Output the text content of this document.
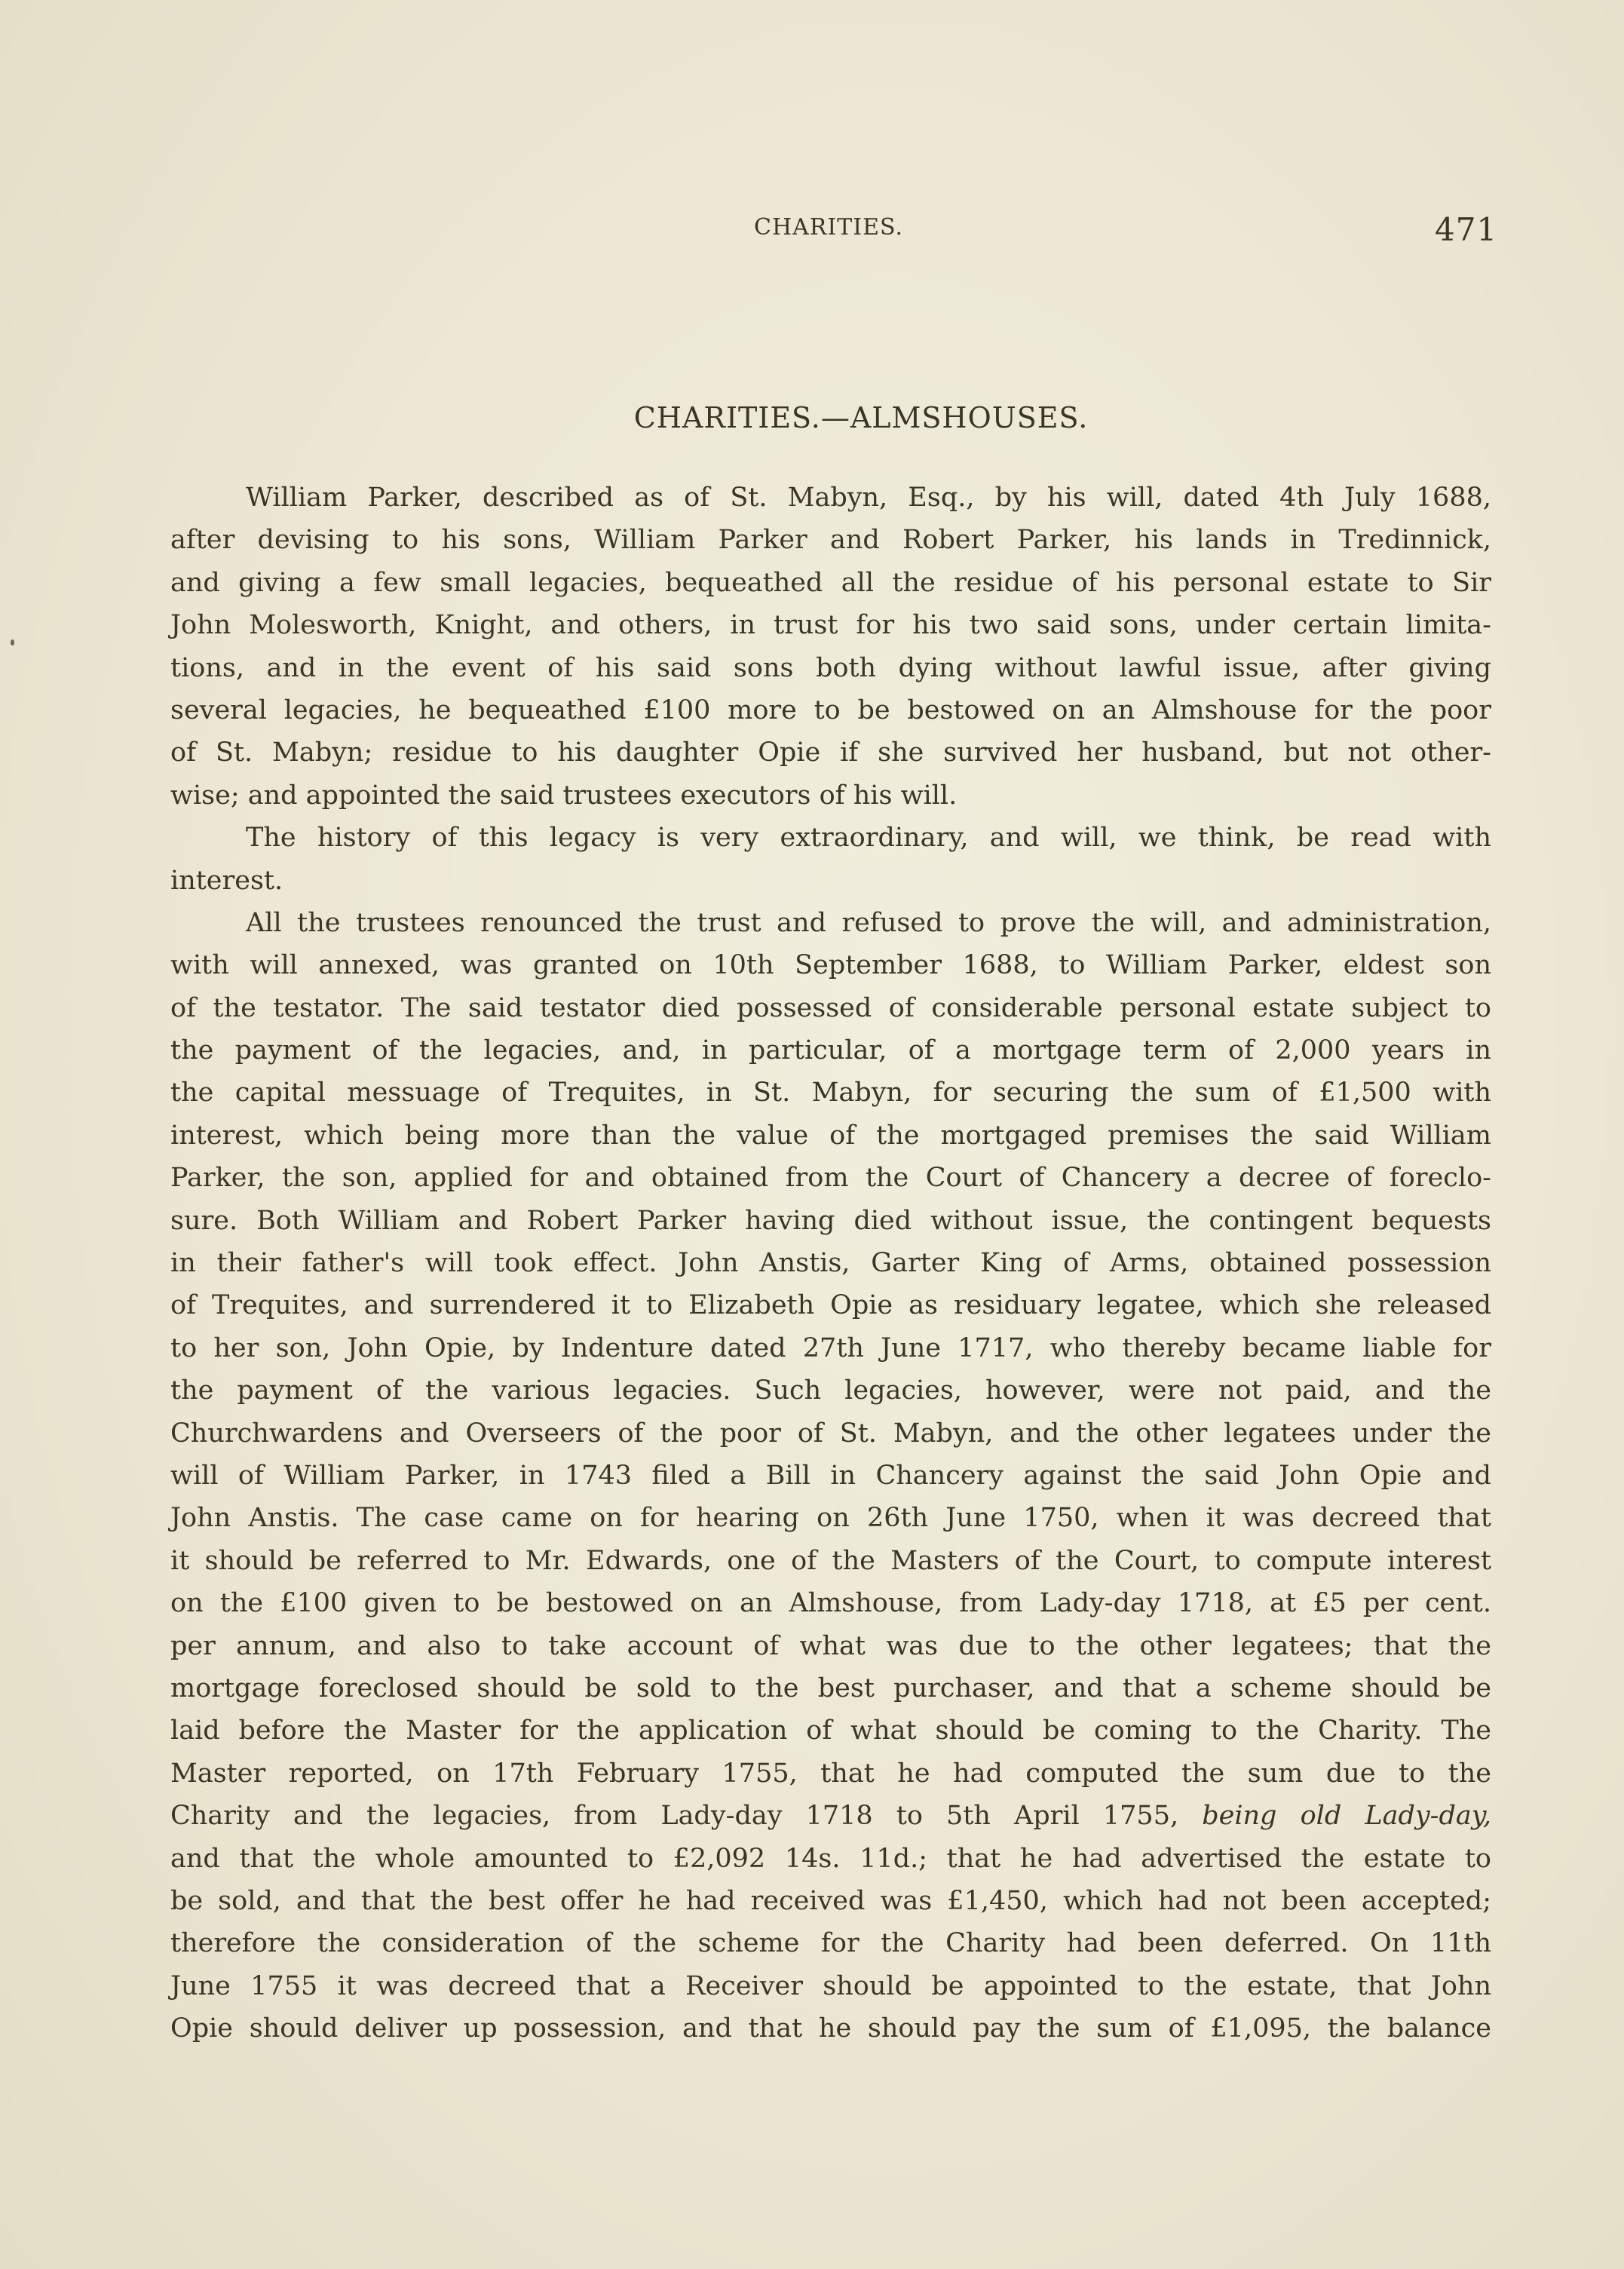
CHARITIES.	471
CHARITIES.—ALMSHOUSES.
William Parker, described as of St. Mabyn, Esq., by his will, dated 4th July 1688,
after devising to his sons, William Parker and Robert Parker, his lands in Tredinnick,
and giving a few small legacies, bequeathed all the residue of his personal estate to Sir
John Molesworth, Knight, and others, in trust for his two said sons, under certain limita-
tions, and in the event of his said sons both dying without lawful issue, after giving
several legacies, he bequeathed £100 more to be bestowed on an Almshouse for the poor
of St. Mabyn; residue to his daughter Opie if she survived her husband, but not other-
wise; and appointed the said trustees executors of his will.
The history of this legacy is very extraordinary, and will, we think, be read with
interest.
All the trustees renounced the trust and refused to prove the will, and administration,
with will annexed, was granted on 10th September 1688, to William Parker, eldest son
of the testator. The said testator died possessed of considerable personal estate subject to
the payment of the legacies, and, in particular, of a mortgage term of 2,000 years in
the capital messuage of Trequites, in St. Mabyn, for securing the sum of £1,500 with
interest, which being more than the value of the mortgaged premises the said William
Parker, the son, applied for and obtained from the Court of Chancery a decree of foreclo-
sure. Both William and Robert Parker having died without issue, the contingent bequests
in their father's will took effect. John Anstis, Garter King of Arms, obtained possession
of Trequites, and surrendered it to Elizabeth Opie as residuary legatee, which she released
to her son, John Opie, by Indenture dated 27th June 1717, who thereby became liable for
the payment of the various legacies. Such legacies, however, were not paid, and the
Churchwardens and Overseers of the poor of St. Mabyn, and the other legatees under the
will of William Parker, in 1743 filed a Bill in Chancery against the said John Opie and
John Anstis. The case came on for hearing on 26th June 1750, when it was decreed that
it should be referred to Mr. Edwards, one of the Masters of the Court, to compute interest
on the £100 given to be bestowed on an Almshouse, from Lady-day 1718, at £5 per cent.
per annum, and also to take account of what was due to the other legatees; that the
mortgage foreclosed should be sold to the best purchaser, and that a scheme should be
laid before the Master for the application of what should be coming to the Charity. The
Master reported, on 17th February 1755, that he had computed the sum due to the
Charity and the legacies, from Lady-day 1718 to 5th April 1755, being old Lady-day,
and that the whole amounted to £2,092 14s. 11d.; that he had advertised the estate to
be sold, and that the best offer he had received was £1,450, which had not been accepted;
therefore the consideration of the scheme for the Charity had been deferred. On 11th
June 1755 it was decreed that a Receiver should be appointed to the estate, that John
Opie should deliver up possession, and that he should pay the sum of £1,095, the balance
